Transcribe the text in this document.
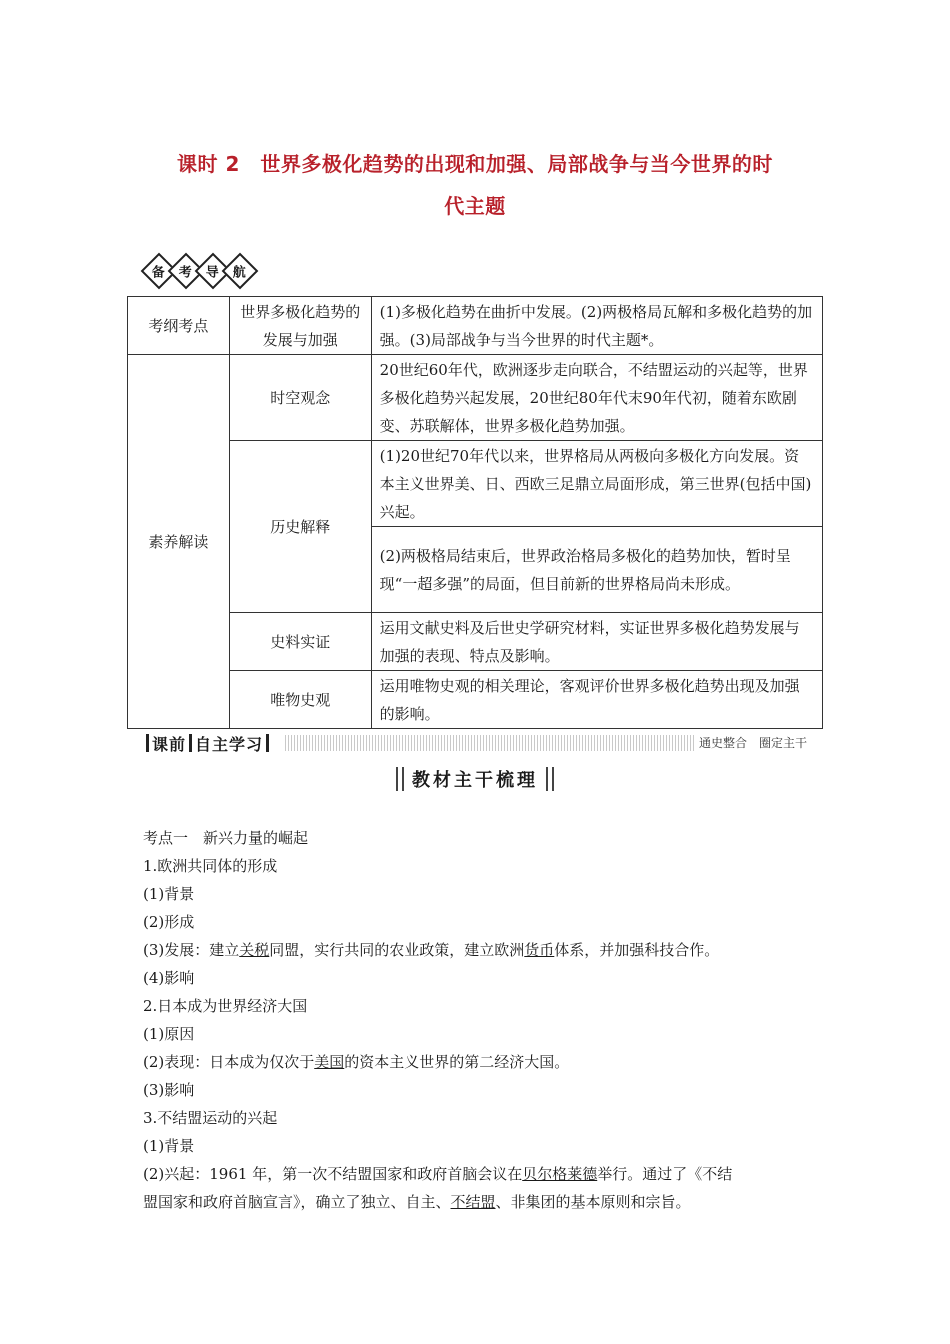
课时 2　世界多极化趋势的出现和加强、局部战争与当今世界的时
代主题
备 考 导 航
考纲考点	世界多极化趋势的发展与加强	(1)多极化趋势在曲折中发展。(2)两极格局瓦解和多极化趋势的加强。(3)局部战争与当今世界的时代主题*。
素养解读	时空观念	20世纪60年代，欧洲逐步走向联合，不结盟运动的兴起等，世界多极化趋势兴起发展，20世纪80年代末90年代初，随着东欧剧变、苏联解体，世界多极化趋势加强。
	历史解释	(1)20世纪70年代以来，世界格局从两极向多极化方向发展。资本主义世界美、日、西欧三足鼎立局面形成，第三世界(包括中国)兴起。
		(2)两极格局结束后，世界政治格局多极化的趋势加快，暂时呈现“一超多强”的局面，但目前新的世界格局尚未形成。
	史料实证	运用文献史料及后世史学研究材料，实证世界多极化趋势发展与加强的表现、特点及影响。
	唯物史观	运用唯物史观的相关理论，客观评价世界多极化趋势出现及加强的影响。
课前 自主学习	通史整合　圈定主干
教材主干梳理

考点一　新兴力量的崛起

1.欧洲共同体的形成

(1)背景

(2)形成

(3)发展：建立关税同盟，实行共同的农业政策，建立欧洲货币体系，并加强科技合作。

(4)影响

2.日本成为世界经济大国

(1)原因

(2)表现：日本成为仅次于美国的资本主义世界的第二经济大国。

(3)影响

3.不结盟运动的兴起

(1)背景

(2)兴起：1961 年，第一次不结盟国家和政府首脑会议在贝尔格莱德举行。通过了《不结

盟国家和政府首脑宣言》，确立了独立、自主、不结盟、非集团的基本原则和宗旨。
